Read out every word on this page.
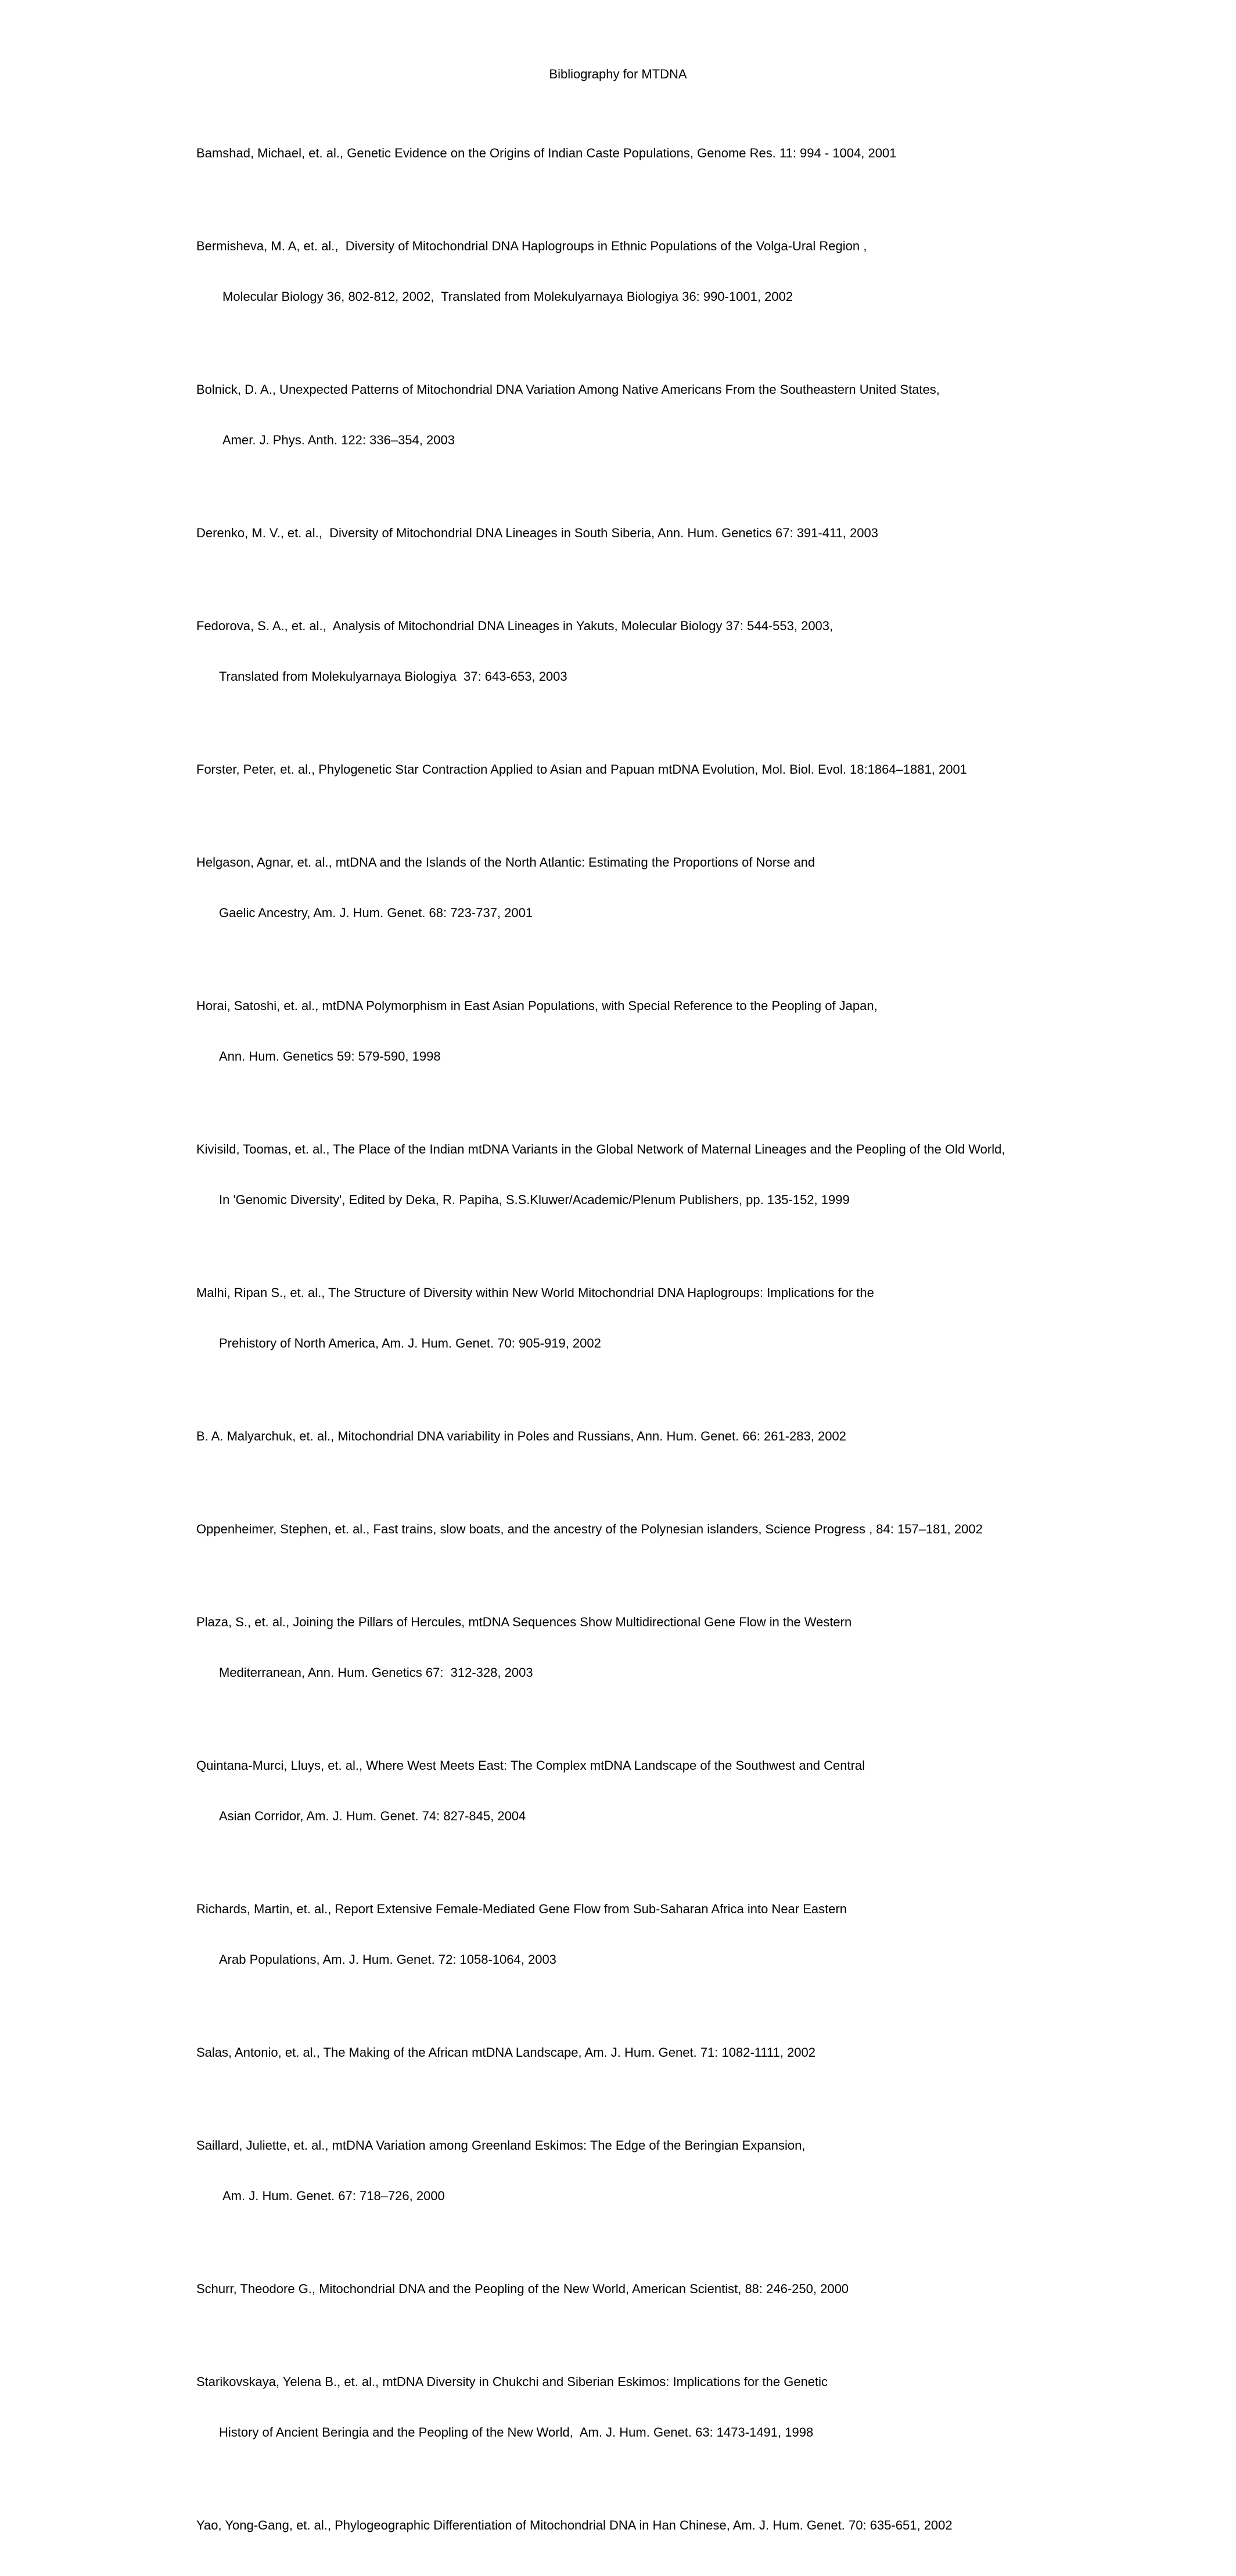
Bibliography for MTDNA

Bamshad, Michael, et. al., Genetic Evidence on the Origins of Indian Caste Populations, Genome Res. 11: 994 - 1004, 2001

Bermisheva, M. A, et. al.,  Diversity of Mitochondrial DNA Haplogroups in Ethnic Populations of the Volga-Ural Region ,

Molecular Biology 36, 802-812, 2002,  Translated from Molekulyarnaya Biologiya 36: 990-1001, 2002

Bolnick, D. A., Unexpected Patterns of Mitochondrial DNA Variation Among Native Americans From the Southeastern United States,

Amer. J. Phys. Anth. 122: 336–354, 2003

Derenko, M. V., et. al.,  Diversity of Mitochondrial DNA Lineages in South Siberia, Ann. Hum. Genetics 67: 391-411, 2003

Fedorova, S. A., et. al.,  Analysis of Mitochondrial DNA Lineages in Yakuts, Molecular Biology 37: 544-553, 2003,

Translated from Molekulyarnaya Biologiya  37: 643-653, 2003

Forster, Peter, et. al., Phylogenetic Star Contraction Applied to Asian and Papuan mtDNA Evolution, Mol. Biol. Evol. 18:1864–1881, 2001

Helgason, Agnar, et. al., mtDNA and the Islands of the North Atlantic: Estimating the Proportions of Norse and

Gaelic Ancestry, Am. J. Hum. Genet. 68: 723-737, 2001

Horai, Satoshi, et. al., mtDNA Polymorphism in East Asian Populations, with Special Reference to the Peopling of Japan,

Ann. Hum. Genetics 59: 579-590, 1998

Kivisild, Toomas, et. al., The Place of the Indian mtDNA Variants in the Global Network of Maternal Lineages and the Peopling of the Old World,

In 'Genomic Diversity', Edited by Deka, R. Papiha, S.S.Kluwer/Academic/Plenum Publishers, pp. 135-152, 1999

Malhi, Ripan S., et. al., The Structure of Diversity within New World Mitochondrial DNA Haplogroups: Implications for the

Prehistory of North America, Am. J. Hum. Genet. 70: 905-919, 2002

B. A. Malyarchuk, et. al., Mitochondrial DNA variability in Poles and Russians, Ann. Hum. Genet. 66: 261-283, 2002

Oppenheimer, Stephen, et. al., Fast trains, slow boats, and the ancestry of the Polynesian islanders, Science Progress , 84: 157–181, 2002

Plaza, S., et. al., Joining the Pillars of Hercules, mtDNA Sequences Show Multidirectional Gene Flow in the Western

Mediterranean, Ann. Hum. Genetics 67:  312-328, 2003

Quintana-Murci, Lluys, et. al., Where West Meets East: The Complex mtDNA Landscape of the Southwest and Central

Asian Corridor, Am. J. Hum. Genet. 74: 827-845, 2004

Richards, Martin, et. al., Report Extensive Female-Mediated Gene Flow from Sub-Saharan Africa into Near Eastern

Arab Populations, Am. J. Hum. Genet. 72: 1058-1064, 2003

Salas, Antonio, et. al., The Making of the African mtDNA Landscape, Am. J. Hum. Genet. 71: 1082-1111, 2002

Saillard, Juliette, et. al., mtDNA Variation among Greenland Eskimos: The Edge of the Beringian Expansion,

Am. J. Hum. Genet. 67: 718–726, 2000

Schurr, Theodore G., Mitochondrial DNA and the Peopling of the New World, American Scientist, 88: 246-250, 2000

Starikovskaya, Yelena B., et. al., mtDNA Diversity in Chukchi and Siberian Eskimos: Implications for the Genetic

History of Ancient Beringia and the Peopling of the New World,  Am. J. Hum. Genet. 63: 1473-1491, 1998

Yao, Yong-Gang, et. al., Phylogeographic Differentiation of Mitochondrial DNA in Han Chinese, Am. J. Hum. Genet. 70: 635-651, 2002
